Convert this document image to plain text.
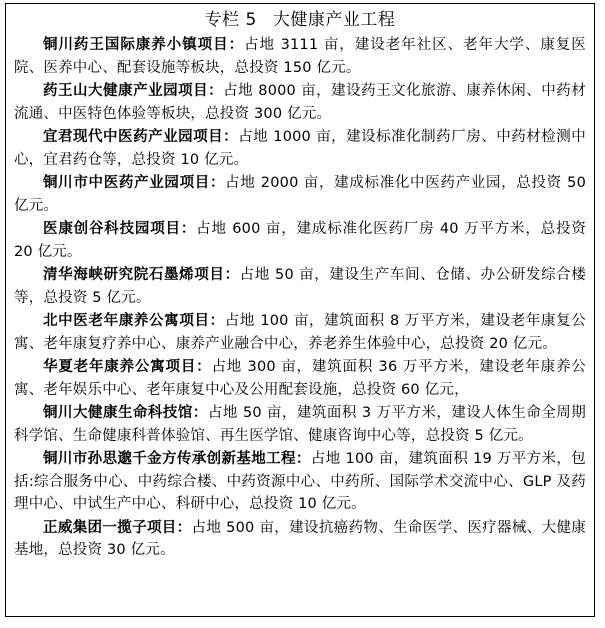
专栏 5 大健康产业工程

铜川药王国际康养小镇项目：占地 3111 亩，建设老年社区、老年大学、康复医院、医养中心、配套设施等板块，总投资 150 亿元。

药王山大健康产业园项目：占地 8000 亩，建设药王文化旅游、康养休闲、中药材流通、中医特色体验等板块，总投资 300 亿元。

宜君现代中医药产业园项目：占地 1000 亩，建设标准化制药厂房、中药材检测中心，宜君药仓等，总投资 10 亿元。

铜川市中医药产业园项目：占地 2000 亩，建成标准化中医药产业园，总投资 50 亿元。

医康创谷科技园项目：占地 600 亩，建成标准化医药厂房 40 万平方米，总投资 20 亿元。

清华海峡研究院石墨烯项目：占地 50 亩，建设生产车间、仓储、办公研发综合楼等，总投资 5 亿元。

北中医老年康养公寓项目：占地 100 亩，建筑面积 8 万平方米，建设老年康复公寓、老年康复疗养中心、康养产业融合中心，养老养生体验中心，总投资 20 亿元。

华夏老年康养公寓项目：占地 300 亩，建筑面积 36 万平方米，建设老年康养公寓、老年娱乐中心、老年康复中心及公用配套设施，总投资 60 亿元，

铜川大健康生命科技馆：占地 50 亩，建筑面积 3 万平方米，建设人体生命全周期科学馆、生命健康科普体验馆、再生医学馆、健康咨询中心等，总投资 5 亿元。

铜川市孙思邈千金方传承创新基地工程：占地 100 亩，建筑面积 19 万平方米，包括:综合服务中心、中药综合楼、中药资源中心、中药所、国际学术交流中心、GLP 及药理中心、中试生产中心、科研中心，总投资 10 亿元。

正威集团一揽子项目：占地 500 亩，建设抗癌药物、生命医学、医疗器械、大健康基地，总投资 30 亿元。
